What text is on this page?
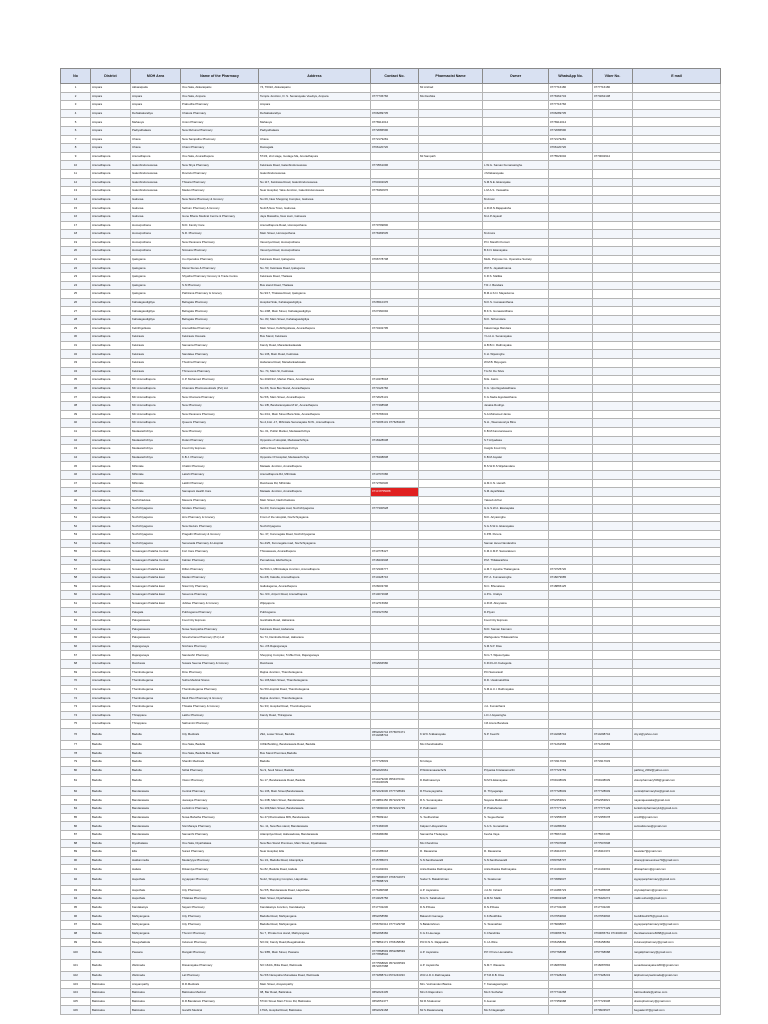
No	District	MOH Area	Name of the Pharmacy	Address	Contact No.	Pharmacist Name	Owner	WhatsApp No.	Viber No.	E mail
1	Ampara	Akkaraipattu	Osu Sala, Akkaraipattu	74, T0022, Akkaraipattu		Mr.Arshad		0777716180	0777716180	
2	Ampara	Ampara	Osu Sala, Ampara	Temple Junction, D. S. Senanayake Veediya, Ampara	0777736766	Ms.Deshika		0776362734	0774062108	
3	Ampara	Ampara	Prabodha Pharmacy	Ampara				0777716766		
4	Ampara	Dehiattakandiya	Chatura Pharmacy	Dehiattakandiya	0706289735			0706289735		
5	Ampara	Mahaoya	Union Pharmacy	Mahaoya	0776912014			0776912014		
6	Ampara	Padiyathalawa	New Ruhuna Pharmacy	Padiyathalawa	0772086590			0772086590		
7	Ampara	Uhana	New Sampatha Pharmacy	Uhana	0772179281			0772179281		
8	Ampara	Uhana	Chami Pharmacy	Damagala	0766120720			0766120720		
9	Anuradhapura	Anuradhapura	Osu Sala, Anuradhapura	574/3, 2nd stage, Godage Ma, Anuradhapura		Mr.Sampath		0775523002	0770002912	
10	Anuradhapura	Galenbindunuwewa	New Shya Pharmacy	Kekirawa Road, Galenbindunuwewa	0773561096		L.W.G. Saman Kumarasinghe			
11	Anuradhapura	Galenbindunuwewa	Ruvindu Pharmacy	Galenbindunuwewa			J.M.Ekanayake			
12	Anuradhapura	Galenbindunuwewa	Thisara Pharmacy	No 117, Kekirawa Road, Galenbindunuwewa	0764302025		S.M.N.E. Ekanayake			
13	Anuradhapura	Galenbindunuwewa	Madus Pharmacy	Near Hospital, Yaka Junction, Galenbindunuwewa	0776360976		L.M.A.S. Yaawatha			
14	Anuradhapura	Galnewa	New Sisira Pharmacy & Grocery	No 09, New Shopping Complex, Galnewa			M.Anusi			
15	Anuradhapura	Galnewa	Sethum Pharmacy & Grocery	No115,New Town, Galnewa			A.R.M.N.Rajapaksha			
16	Anuradhapura	Galnewa	Gune Bhanu Medical Centre & Pharmacy	Jaya Mawatha, New town, Galnewa			M.A.P.Jayasiri			
17	Anuradhapura	Horowpothana	M.D. Family Care	Anuradhapura Road, Horowpothana	0770799800					
18	Anuradhapura	Horowpothana	N.R. Pharmacy	Main Street, Horowpothana	0776383535		M.Anura			
19	Anuradhapura	Horowpothana	New Pavanera Pharmacy	Vavuniya Road, Horowpothana			P.N. Mandhi Kumari			
20	Anuradhapura	Horowpothana	Nimsara Pharmacy	Vavuniya Road, Horowpothana			B.K.N. Ekanayake			
21	Anuradhapura	Ipalogama	Co-Operative Pharmacy	Kekirawa Road, Ipalogama	0766778708		Multi- Purpose Co- Operative Society			
22	Anuradhapura	Ipalogama	Mansi Stores & Pharmacy	No. 53, Kekirawa Road, Ipalogama			W.P.S. Jayalathnama			
23	Anuradhapura	Ipalogama	Shyatha Pharmacy Grocery & Trade Centre	Kekirawa Road, Thalawa			K.R.S. Mallika			
24	Anuradhapura	Ipalogama	S.N Pharmacy	Bus stand Road, Thalawa			T.R.J. Bandara			
25	Anuradhapura	Ipalogama	Pathirana Pharmacy & Grocery	No 9/17, Thalawa Road, Ipalogama			B.M.A.S.N. Mayadunne			
26	Anuradhapura	Kahatagasdigiliya	Bellogala Pharmacy	Hospital Side, Kahatagasdigiliya	0726510476		M.K.S. Gunawardhana			
27	Anuradhapura	Kahatagasdigiliya	Bellogala Pharmacy	No.1/98, Main Street, Kahatagasdigiliya	0727360092		B.K.S. Gunawardhana			
28	Anuradhapura	Kahatagasdigiliya	Bellogala Pharmacy	No. 83, Main Street, Kahatagasdigiliya			M.K. Sithumdara			
29	Anuradhapura	Kebithigollewa	Anuradhika Pharmacy	Main Street, Kebithigollewa, Anuradhapura	0774332795		Kalaminage Bandara			
30	Anuradhapura	Kekirawa	Kekirawa Osusala	Bus Stand, Kekirawa			Y.H.A.A. Senanayaka			
31	Anuradhapura	Kekirawa	Samanta Pharmacy	Kandy Road, Maradankadawala			H.B.B.C. Rathnayaka			
32	Anuradhapura	Kekirawa	Sandalee Pharmacy	No 136, Main Road, Kekirawa			K.H. Wijesinghe			
33	Anuradhapura	Kekirawa	Thushra Pharmacy	Habarana Road, Maradankadawala			W.M.B. Bayugam			
34	Anuradhapura	Kekirawa	Thimovena Pharmacy	No. 74, Main St, Kekirawa			T.H.M. De Silva			
35	Anuradhapura	MC Anuradhapura	C.P. Mohamed Pharmacy	No 2020/1/2, Market Place, Anuradhapura	0714378618		M.E. Jasim			
36	Anuradhapura	MC Anuradhapura	Chamara Pharmaceuticals (Pvt) Ltd	No 2/6, New Bus Stand, Anuradhapura	0773126766		K.G. Upul Egodawithana			
37	Anuradhapura	MC Anuradhapura	New Chamara Pharmacy	No 5/6, Main Street, Anuradhapura	0772025131		K.G.Nadie Egodawithana			
38	Anuradhapura	MC Anuradhapura	New Pharmacy	No 1/B, Bandaranayaka M.W., Anuradhapura	0777498508		Janaka Rodrigo			
39	Anuradhapura	MC Anuradhapura	New Pavanera Pharmacy	No 2/41, Main Street Bara Side, Anuradhapura	0776765034		S.A.Mohamed Jamie			
40	Anuradhapura	MC Anuradhapura	Queens Pharmacy	No.2,11st -17, Mihintale Senanayake M.W., Anuradhapura	0773205131 0776281168		N.H., Weerasooriya Bina			
41	Anuradhapura	Medawachchiya	New Pharmacy	No. 01, Public Market, Medawachchiya			K.B.M.Karunaraveera			
42	Anuradhapura	Medawachchiya	Dulan Pharmacy	Opposite of Hospital, Medawachchiya	0716328638		S.T.Ariyadasa			
43	Anuradhapura	Medawachchiya	Food City Express	Jaffna Road, Medawachchiya			Cargils Food City			
44	Anuradhapura	Medawachchiya	K.B.J. Pharmacy	Opposite Of Hospital, Medawachchiya	0776308838		K.B.M.Jayalat			
45	Anuradhapura	Mihintale	Chalini Pharmacy	Mataale Junction, Anuradhapura			B.S.W.D.S.Wijebandara			
46	Anuradhapura	Mihintale	Lakshi Pharmacy	Anuradhapura Rd, Mihintale	0713707086					
47	Anuradhapura	Mihintale	Lakthi Pharmacy	Rambewa Rd, Mihintale	0772760936		H.M.C.N. Herath			
48	Anuradhapura	Mihintale	Samapani Health Care	Mataale Junction, Anuradhapura	0713 8755088		S.M.Jayathilaka			
49	Anuradhapura	Nachchaduwa	Maouza Pharmacy	Main Street, Nachchaduwa			Yakoub Azhar			
50	Anuradhapura	Nochchiyagama	Sindaru Pharmacy	No.2/3, Kurunegala road, Nochchiyagama	0777300528		G.G.S.W.A. Ekanayaka			
51	Anuradhapura	Nochchiyagama	Hiru Pharmacy & Grocery	Front of the Hospital, Nochchiyagama			M.K. Ariyasinghe			
52	Anuradhapura	Nochchiyagama	New Deduru Pharmacy	Nochchiyagama			S.G.S.W.A. Ekanayaka			
53	Anuradhapura	Nochchiyagama	Pragathi Pharmacy & Grocery	No. 37, Kurunegala Road, Nochchiyagama			K.P.B. Perera			
54	Anuradhapura	Nochchiyagama	Senanada Pharmacy & Hospital	No.4/25, Kurunegala road, Nochchiyagama			Saman Heva Nandandra			
55	Anuradhapura	Nuwaragam Palatha Central	Fort Care Pharmacy	Thissawewa, Anuradhapura	0713778427		K.M.U.M.P. Samarakoon			
56	Anuradhapura	Nuwaragam Palatha Central	Kaliran Pharmacy	Pemaduwa, Eluthuthuya	0718432948		P.M. Thilakarathna			
57	Anuradhapura	Nuwaragam Palatha East	Dilfan Pharmacy	No 50A 1, Mihintalaya Junction, Anuradhapura	0772336777		A.M.Y. Ayesha Thalangama	0773725720		
58	Anuradhapura	Nuwaragam Palatha East	Madani Pharmacy	No.2/8, Kakulla, Anuradhapura	0714328716		P.P. A. Kumarasinghe	0718279685		
59	Anuradhapura	Nuwaragam Palatha East	Nisal City Pharmacy	Galkulagama, Anuradhapura	0726603796		M.C. Bhunalava	0718865125		
60	Anuradhapura	Nuwaragam Palatha East	Savenna Pharmacy	No. 9/C, Airport Road, Anuradhapura	0714672608		A.P.G. Uraliya			
61	Anuradhapura	Nuwaragam Palatha East	Jubilee Pharmacy & Grocery	Wijayapura	0712715966		A.R.M. Abeyratna			
62	Anuradhapura	Palagala	Pubbogama Pharmacy	Pubbogama	0761527050		D.Piyum			
63	Anuradhapura	Palugaswewa	Food City Express	Ganthalla Road, Habarana			Food City Express			
64	Anuradhapura	Palugaswewa	Nuwe Sampatha Pharmacy	Kekirawa Road, Habarana			M.D. Saman Kannam			
65	Anuradhapura	Palugaswewa	Sineshvirana Pharmacy (Pvt) Ltd	No 74, Dambulla Road, Habarana			Wathgedera Thilakarathna			
66	Anuradhapura	Rajanganaya	Nimhara Pharmacy	No. 2/6 Rajanganaya			S.M.S.P. Disa			
67	Anuradhapura	Rajanganaya	Sandeshri Pharmacy	Shopping Complex, 5 Mile Post, Rajanganaya			M.G.T. Wijesuriyake			
68	Anuradhapura	Rambewa	Susara Seema Pharmacy & Grocery	Rambewa	0762966580		K.R.R.H.K.Kodagoda			
69	Anuradhapura	Thambuttegama	Dinu Pharmacy	Rajina Junction, Thambuttegama			P.D.Samarasiri			
70	Anuradhapura	Thambuttegama	Sutha Medical Stores	No 106,Main Street, Thambuttegama			D.D. Usakmatuhbia			
71	Anuradhapura	Thambuttegama	Thambuttegama Pharmacy	No 59 Hospital Road, Thambuttegama			S.M.H.U.I. Rathnayaka			
72	Anuradhapura	Thambuttegama	Medi Plus Pharmacy & Grocery	Rajina Junction, Thambuttegama						
73	Anuradhapura	Thambuttegama	Thisaka Pharmacy & Grocery	No 3/3, Hospital Road, Thambuttegama			J.A. Kumarihami			
74	Anuradhapura	Thirappane	Lakhu Pharmacy	Kandy Road, Thirappane			L.D.J.Jayasinghe			
75	Anuradhapura	Thirappane	Sathumini Pharmacy				I.M.Anura Bandara			
76	Badulla	Badulla	City Medicals	29A, Lower Street, Badulla	0552220744 0776670471 0714298744	K.W.K.S.Ekanayake	N.P. Keerthi	0714298744	0714298744	city.sl@yahoo.com
77	Badulla	Badulla	Osu Sala, Badulla	CWE Building, Bandarawela Road, Badulla		Ms.Chandrakatha		0771262583	0771262583	
78	Badulla	Badulla	Osu Sala, Badulla Bus Stand	Bus Stand Premises,Badulla						
79	Badulla	Badulla	Shanthi Medicals	Badulla	0777725833	M.Udaya		0773317633	0773317633	
80	Badulla	Badulla	Sirilal Pharmacy	No 9, Sooli Street, Badulla	0552220961	P.Wickramaarachchi	Priyanka Kristanamurthi	0777723753		pathiraj_2002@yahoo.com
81	Badulla	Badulla	Vision Pharmacy	No 17, Bandarawela Road, Badulla	0714479230 0554370311 0769130639	D.Rathnasuriya	M.M.S.Ekanayake	0769138639	0769138639	visionpharmacy509@gmail.com
82	Badulla	Bandarawela	Central Pharmacy	No 136, Main Street,Bandarawela	0572223030 0777728649	R.Thanuyagratha	R. Thiyagaraja	0777728649	0777728649	centralpharmacybw@gmail.com
83	Badulla	Bandarawela	Jeewaya Pharmacy	No 23B, Main Street, Bandarawela	0719881450 0572223715	R.S. Senanayake	Nayana Mallavathi	0752353821	0752353821	nayanajeewaka@gmail.com
84	Badulla	Bandarawela	Luckshmi Pharmacy	No 109,Main Street, Bandarawela	0773690032 0572221739	P. Pathmasiri	P. Prabahuran	0777777129	0777777129	luckshmipharmacy12@gmail.com
85	Badulla	Bandarawela	Nuwa Bahatha Pharmacy	No 47,Dharmadasa MW, Bandarawela	0775599112	S. Sudharshan	S. Sugeetharan	0772355678	0772355678	sns28@gmail.com
86	Badulla	Bandarawela	Sisi Maraya Pharmacy	No. 11, New Bus stand, Bandarawela	0771384636	Kalpani Udayarathna	S.A.S. Gunarathna	0714286062		sulmailstores@gmail.com
87	Badulla	Bandarawela	Samanthi Pharmacy	Attampitya Road, Haliesaduwa, Bandarawela	0766386080	Samantha Thelapaya	Kesha Vaya	0775567430	0775567430	
88	Badulla	Diyathalawa	Osu Sala, Diyathalawa	New Bus Stand Premises, Main Street, Diyathalawa		Ms.Chandima		0777507838	0777507838	
89	Badulla	Ella	Suravi Pharmacy	Near Hospital, Ella	0713185018	R. Rasaratna	R. Rasaratna	0716310372	0716310372	bewatte7@gmail.com
90	Badulla	Haldummulla	Medazyiya Pharmacy	No 1/1, Badulla Road, Attampitiya	0715785072	S.N.Santhanavalli	S.N.Santhanavalli	0780768737		sharepjmaneevinee70@gmail.com
91	Badulla	Haliela	Dilsamiya Pharmacy	No 82, Badulla Road, Haliela	0714192091	Anila Rasika Rathnayake	Anila Rasika Rathnayake	0714192091	0714192091	dhisiapharm@gmail.com
92	Badulla	Haputhale	Ayyappan Pharmacy	No12, Shopping Complex, Haputhale	0774896607 0766742973 0775588723	Sudar S. Balakrishnan	S. Sivakumar	0774589637		ayyappanpharmacy@gmail.com
93	Badulla	Haputhale	City Pharmacy	No 5/5, Bandarawela Road, Haputhale	0776480598	A.P. Jayaratna	J.A.M. Irshard	0714486723	0776485838	citytulaipharm@gmail.com
94	Badulla	Haputhale	Thilakaa Pharmacy	Main Street, Diyathalawa	0714025756	M.H.S. Salahudeen	H.M.M. Malik	0750002328	0776420274	malik.suhard@gmail.com
95	Badulla	Kandaketiya	Sayani Pharmacy	Kandaketiya Junction, Kandaketiya	0717732230	D.N.P.Dasa	D.N.P.Dasa	0717732230	0717732230	
96	Badulla	Mahiyangana	City Pharmacy	Badulla Road, Mahiyangana	0552258580	Bakandri Gamage	K.K.Buddhika	0727653846	0727653846	buddhika1976@gmail.com
97	Badulla	Mahiyangana	City Pharmacy	Badulla Road, Mahiyangana	0756760312 0777129708	S.Balakrishnan	S. Sivanathan	0776698837		ayyappanpharmacy12@gmail.com
98	Badulla	Mahiyangana	Thunnir Pharmacy	No 7, Private bus stand, Mahiyangana	0552268382	K.G.K.Heenage	K.Chandrika	0760065761	0760065761 0719430102	thenilaaranstore6668@gmail.com
99	Badulla	Meegahakiula	Indunesi Pharmacy	NO.02, Kandy Road,Meegahakiula	0778862171 0766158082	P.R.D.N.S. Rajapakha	K.I.A.Wine	0766158082	0766158082	indunesipharmacy@gmail.com
100	Badulla	Passara	Rangali Pharmacy	No 3/85, Main Street, Passara	0777868593 0552288593 0777868542	A.P. Jayaratne	P.P. Prince Hemalatha	0757768688	0757768688	rangalipharmacy@gmail.com
101	Badulla	Welimada	Dissanayake Pharmacy	NO 164/A, Bitla Road, Welimada	0777568820 0572245593 0572267988	A.P. Jayasinha	N.M.T. Wasanta	0718287894	0718287894	senadissanayake1200@gmail.com
102	Badulla	Welimada	Lal Pharmacy	No 5/6 Nanupaha Munadasa Road, Welimada	0771888711 0572243333	W.R.A.D.C.Rathnayaka	P.T.M.D.B. Disa	0777328243	0777328243	lalpharmacywelimada@gmail.com
103	Batticaloa	Arayampathy	R.R.Medicals	Main Street, Arayampathy		Mrs. Vetrivanden Bianka	T. Kanaagasingam			
104	Batticaloa	Batticaloa	Batticaloa Medical	98, Bar Road, Batticaloa	0652224435	Mrs.K.Rajendram	Ms.K.Suthahar	0777742268		battmedicals@yahoo.com
105	Batticaloa	Batticaloa	D.R.Bandaram Pharmacy	57/4C Street Main Trinco Rd, Batticaloa	0652051377	Mr.R.Sivakumar	K.Jeevan	0777359688	0777723938	dreslupharmacy@gmail.com
106	Batticaloa	Batticaloa	Gandhi Medical	179/A, Hospital Road, Batticaloa	0652229168	Mr.S.Rasiaranaraj	Ms.S.Nagarajah		0779933537	begualer47@gmail.com
